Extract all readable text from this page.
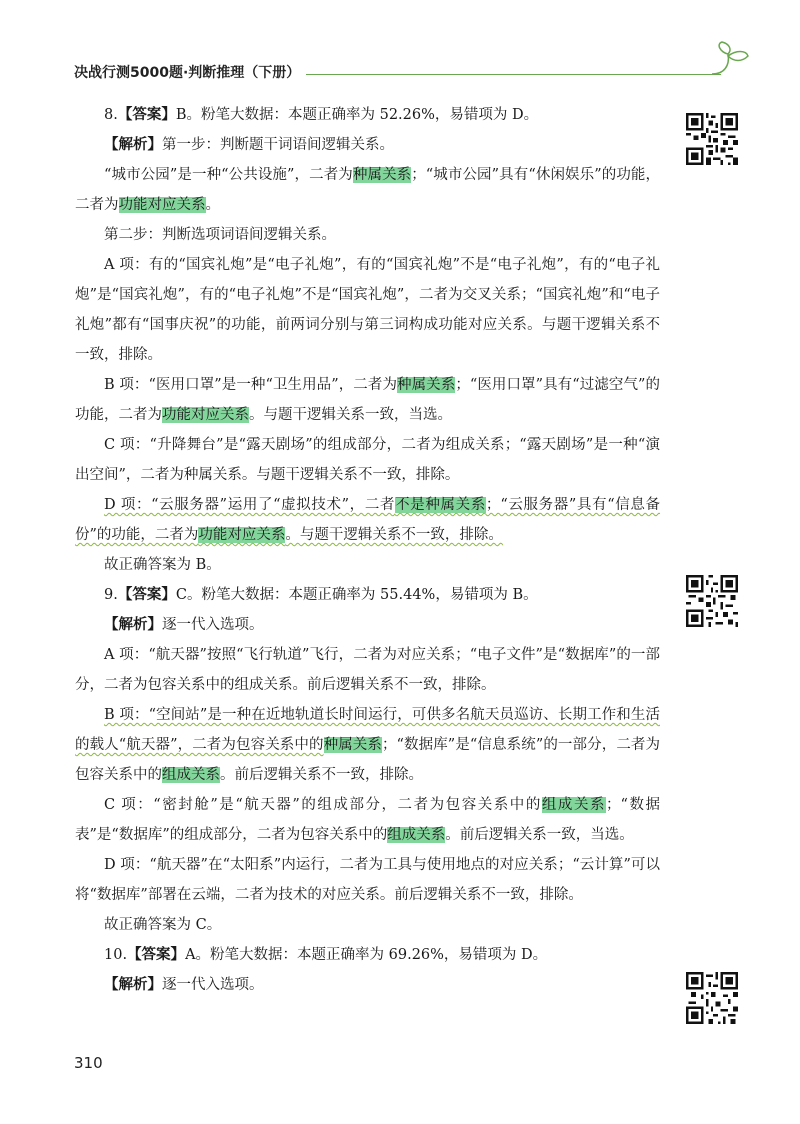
决战行测5000题·判断推理（下册）

8.【答案】B。粉笔大数据：本题正确率为 52.26%，易错项为 D。

【解析】第一步：判断题干词语间逻辑关系。

“城市公园”是一种“公共设施”，二者为种属关系；“城市公园”具有“休闲娱乐”的功能，二者为功能对应关系。

第二步：判断选项词语间逻辑关系。

A 项：有的“国宾礼炮”是“电子礼炮”，有的“国宾礼炮”不是“电子礼炮”，有的“电子礼炮”是“国宾礼炮”，有的“电子礼炮”不是“国宾礼炮”，二者为交叉关系；“国宾礼炮”和“电子礼炮”都有“国事庆祝”的功能，前两词分别与第三词构成功能对应关系。与题干逻辑关系不一致，排除。

B 项：“医用口罩”是一种“卫生用品”，二者为种属关系；“医用口罩”具有“过滤空气”的功能，二者为功能对应关系。与题干逻辑关系一致，当选。

C 项：“升降舞台”是“露天剧场”的组成部分，二者为组成关系；“露天剧场”是一种“演出空间”，二者为种属关系。与题干逻辑关系不一致，排除。

D 项：“云服务器”运用了“虚拟技术”，二者不是种属关系；“云服务器”具有“信息备份”的功能，二者为功能对应关系。与题干逻辑关系不一致，排除。

故正确答案为 B。

9.【答案】C。粉笔大数据：本题正确率为 55.44%，易错项为 B。

【解析】逐一代入选项。

A 项：“航天器”按照“飞行轨道”飞行，二者为对应关系；“电子文件”是“数据库”的一部分，二者为包容关系中的组成关系。前后逻辑关系不一致，排除。

B 项：“空间站”是一种在近地轨道长时间运行，可供多名航天员巡访、长期工作和生活的载人“航天器”，二者为包容关系中的种属关系；“数据库”是“信息系统”的一部分，二者为包容关系中的组成关系。前后逻辑关系不一致，排除。

C 项：“密封舱”是“航天器”的组成部分，二者为包容关系中的组成关系；“数据表”是“数据库”的组成部分，二者为包容关系中的组成关系。前后逻辑关系一致，当选。

D 项：“航天器”在“太阳系”内运行，二者为工具与使用地点的对应关系；“云计算”可以将“数据库”部署在云端，二者为技术的对应关系。前后逻辑关系不一致，排除。

故正确答案为 C。

10.【答案】A。粉笔大数据：本题正确率为 69.26%，易错项为 D。

【解析】逐一代入选项。

310
